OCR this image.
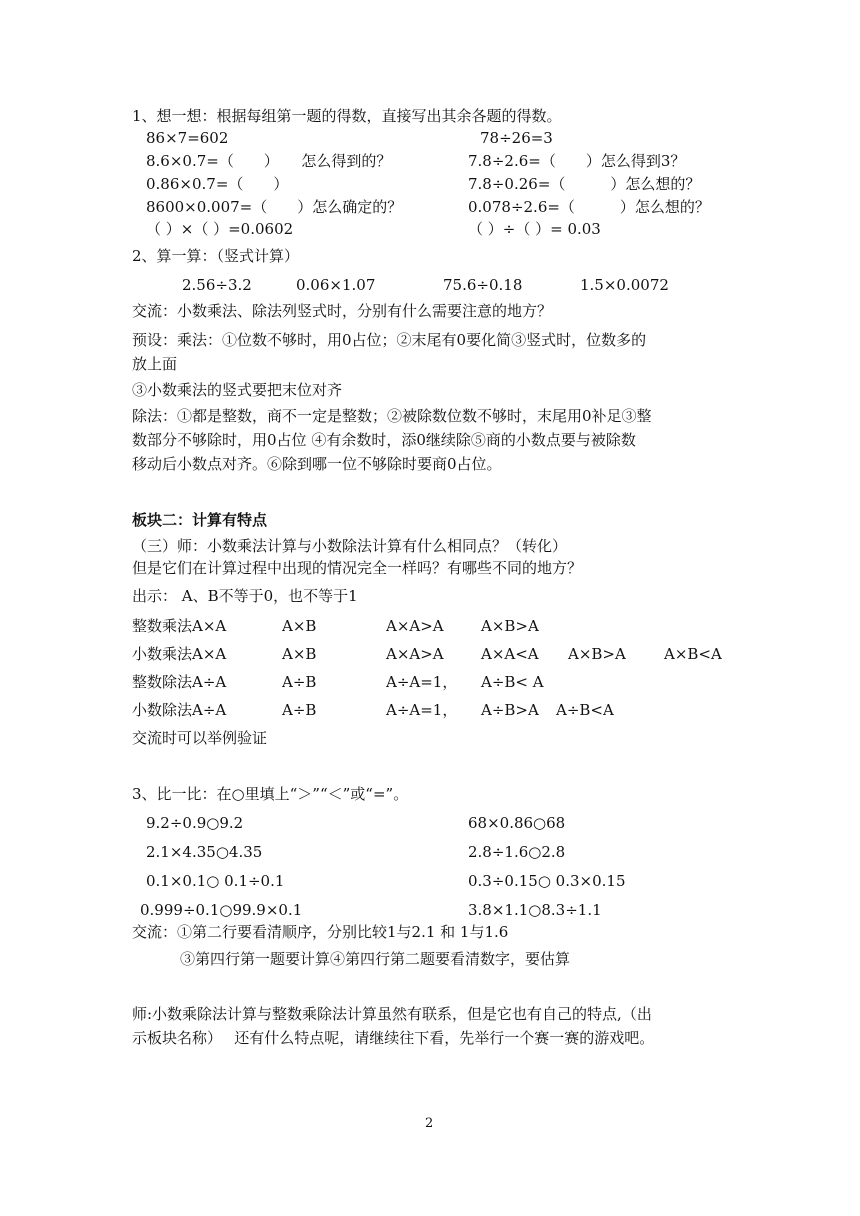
1、想一想：根据每组第一题的得数，直接写出其余各题的得数。
86×7=602
8.6×0.7=（　　）　　怎么得到的？
0.86×0.7=（　　）
8600×0.007=（　　）怎么确定的？
（ ）×（ ）=0.0602
78÷26=3
7.8÷2.6=（　　）怎么得到3？
7.8÷0.26=（　　　）怎么想的？
0.078÷2.6=（　　　）怎么想的？
（ ）÷（ ）= 0.03
2、算一算：（竖式计算）
2.56÷3.2	0.06×1.07	75.6÷0.18	1.5×0.0072
交流：小数乘法、除法列竖式时，分别有什么需要注意的地方？
预设：乘法：①位数不够时，用0占位；②末尾有0要化简③竖式时，位数多的
放上面
③小数乘法的竖式要把末位对齐
除法：①都是整数，商不一定是整数；②被除数位数不够时，末尾用0补足③整
数部分不够除时，用0占位 ④有余数时，添0继续除⑤商的小数点要与被除数
移动后小数点对齐。⑥除到哪一位不够除时要商0占位。
板块二：计算有特点
（三）师：小数乘法计算与小数除法计算有什么相同点？（转化）
但是它们在计算过程中出现的情况完全一样吗？有哪些不同的地方？
出示： A、B不等于0，也不等于1
整数乘法A×A	A×B	A×A>A A×B>A
小数乘法A×A	A×B	A×A>A A×A<A A×B>A	A×B<A
整数除法A÷A	A÷B	A÷A=1， A÷B< A
小数除法A÷A	A÷B	A÷A=1， A÷B>A A÷B<A
交流时可以举例验证
3、比一比：在○里填上“＞”“＜”或“=”。
9.2÷0.9○9.2
2.1×4.35○4.35
0.1×0.1○ 0.1÷0.1
0.999÷0.1○99.9×0.1
68×0.86○68
2.8÷1.6○2.8
0.3÷0.15○ 0.3×0.15
3.8×1.1○8.3÷1.1
交流：①第二行要看清顺序，分别比较1与2.1 和 1与1.6
③第四行第一题要计算④第四行第二题要看清数字，要估算
师:小数乘除法计算与整数乘除法计算虽然有联系，但是它也有自己的特点,（出
示板块名称）　 还有什么特点呢，请继续往下看，先举行一个赛一赛的游戏吧。
2
